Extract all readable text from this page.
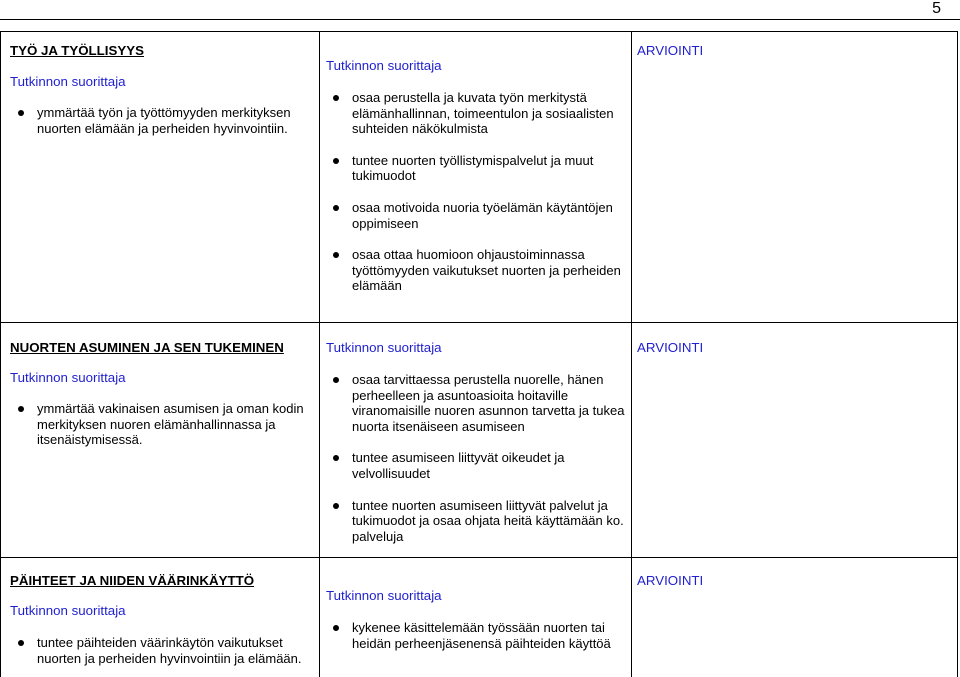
5
TYÖ JA TYÖLLISYYS
Tutkinnon suorittaja
ymmärtää työn ja työttömyyden merkityksen nuorten elämään ja perheiden hyvinvointiin.
Tutkinnon suorittaja
osaa perustella ja kuvata työn merkitystä elämänhallinnan, toimeentulon ja sosiaalisten suhteiden näkökulmista
tuntee nuorten työllistymispalvelut ja muut tukimuodot
osaa motivoida nuoria työelämän käytäntöjen oppimiseen
osaa ottaa huomioon ohjaustoiminnassa työttömyyden vaikutukset nuorten ja perheiden elämään
ARVIOINTI
NUORTEN ASUMINEN JA SEN TUKEMINEN
Tutkinnon suorittaja
ymmärtää vakinaisen asumisen ja oman kodin merkityksen nuoren elämänhallinnassa ja itsenäistymisessä.
Tutkinnon suorittaja
osaa tarvittaessa perustella nuorelle, hänen perheelleen ja asuntoasioita hoitaville viranomaisille nuoren asunnon tarvetta ja tukea nuorta itsenäiseen asumiseen
tuntee asumiseen liittyvät oikeudet ja velvollisuudet
tuntee nuorten asumiseen liittyvät palvelut ja tukimuodot ja osaa ohjata heitä käyttämään ko. palveluja
ARVIOINTI
PÄIHTEET JA NIIDEN VÄÄRINKÄYTTÖ
Tutkinnon suorittaja
tuntee päihteiden väärinkäytön vaikutukset nuorten ja perheiden hyvinvointiin ja elämään.
Tutkinnon suorittaja
kykenee käsittelemään työssään nuorten tai heidän perheenjäsenensä päihteiden käyttöä
ARVIOINTI
